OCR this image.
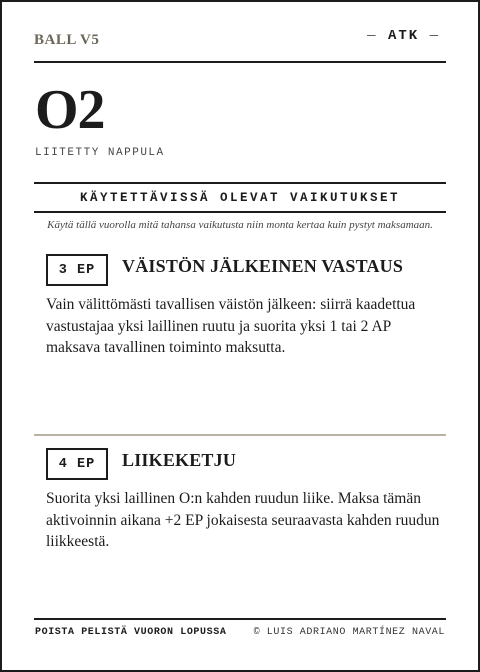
BALL V5	— ATK —
O2
LIITETTY NAPPULA
KÄYTETTÄVISSÄ OLEVAT VAIKUTUKSET
Käytä tällä vuorolla mitä tahansa vaikutusta niin monta kertaa kuin pystyt maksamaan.
3 EP	VÄISTÖN JÄLKEINEN VASTAUS
Vain välittömästi tavallisen väistön jälkeen: siirrä kaadettua vastustajaa yksi laillinen ruutu ja suorita yksi 1 tai 2 AP maksava tavallinen toiminto maksutta.
4 EP	LIIKEKETJU
Suorita yksi laillinen O:n kahden ruudun liike. Maksa tämän aktivoinnin aikana +2 EP jokaisesta seuraavasta kahden ruudun liikkeestä.
POISTA PELISTÄ VUORON LOPUSSA	© LUIS ADRIANO MARTÍNEZ NAVAL
